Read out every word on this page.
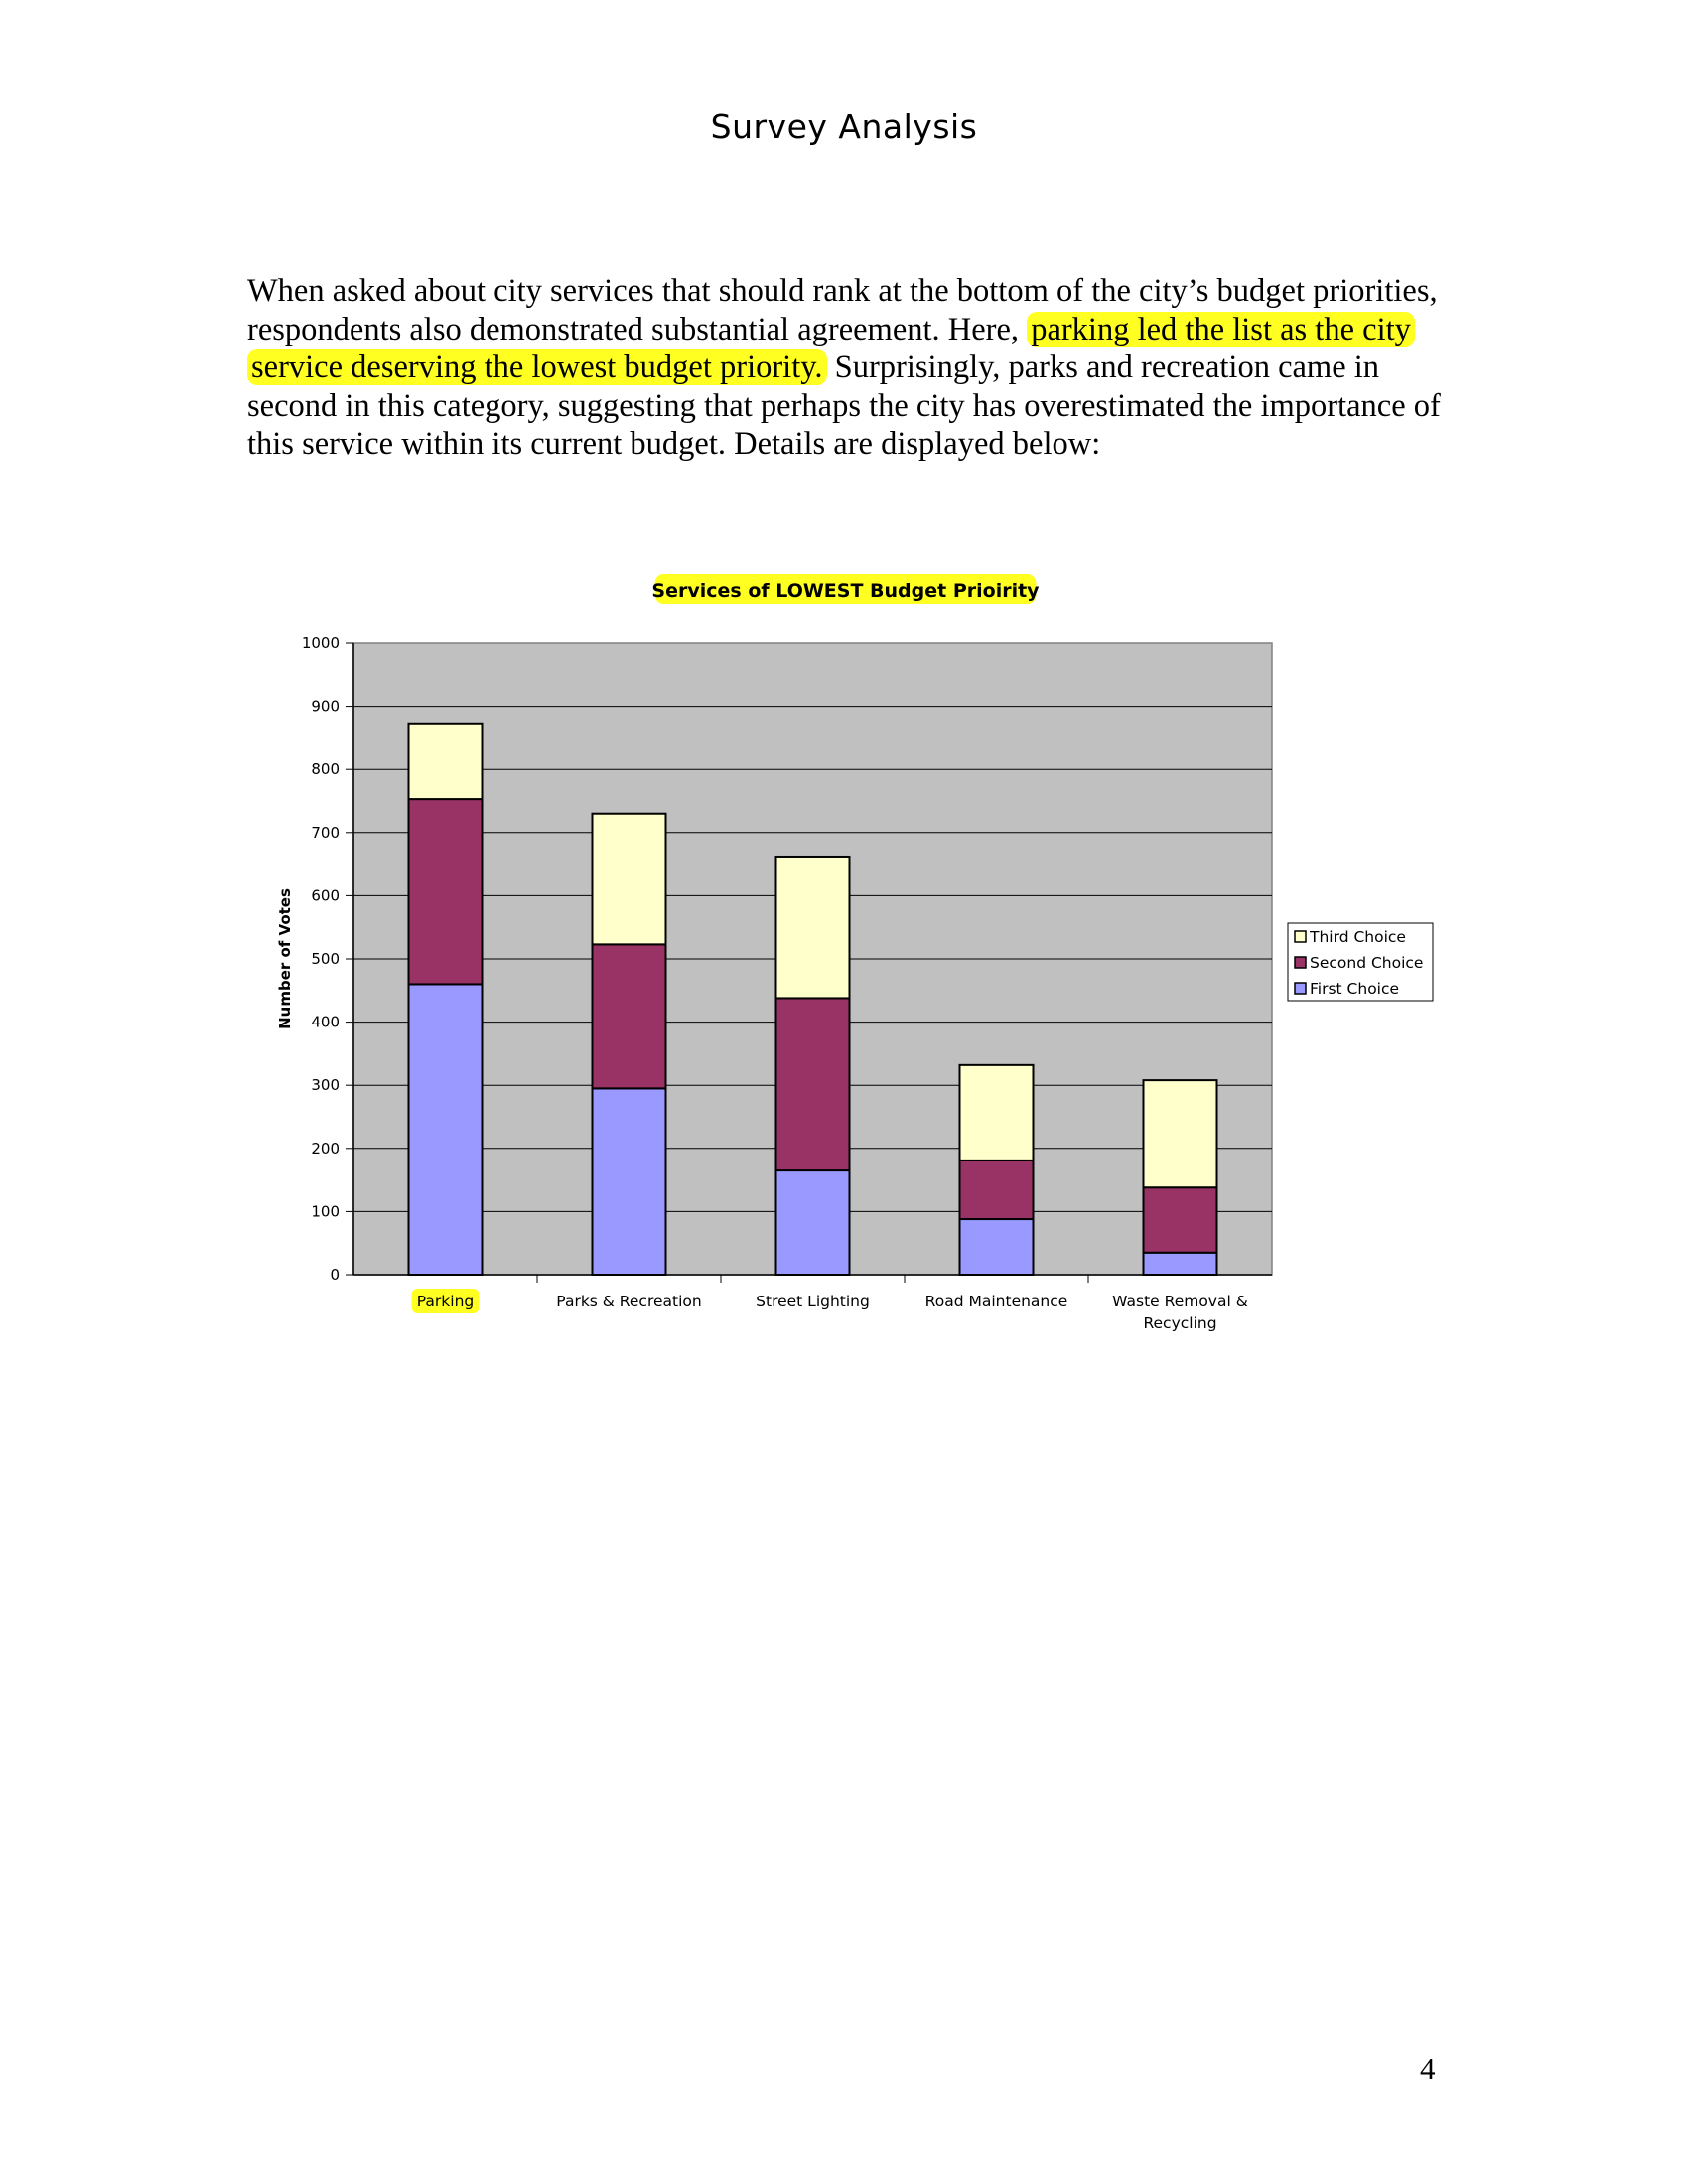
Survey Analysis

When asked about city services that should rank at the bottom of the city’s budget priorities, respondents also demonstrated substantial agreement. Here, parking led the list as the city service deserving the lowest budget priority. Surprisingly, parks and recreation came in second in this category, suggesting that perhaps the city has overestimated the importance of this service within its current budget. Details are displayed below:

Services of LOWEST Budget Prioirity
0
100
200
300
400
500
600
700
800
900
1000
Number of Votes
Parking	Parks & Recreation	Street Lighting	Road Maintenance	Waste Removal &
Recycling
Third Choice
Second Choice
First Choice
4
